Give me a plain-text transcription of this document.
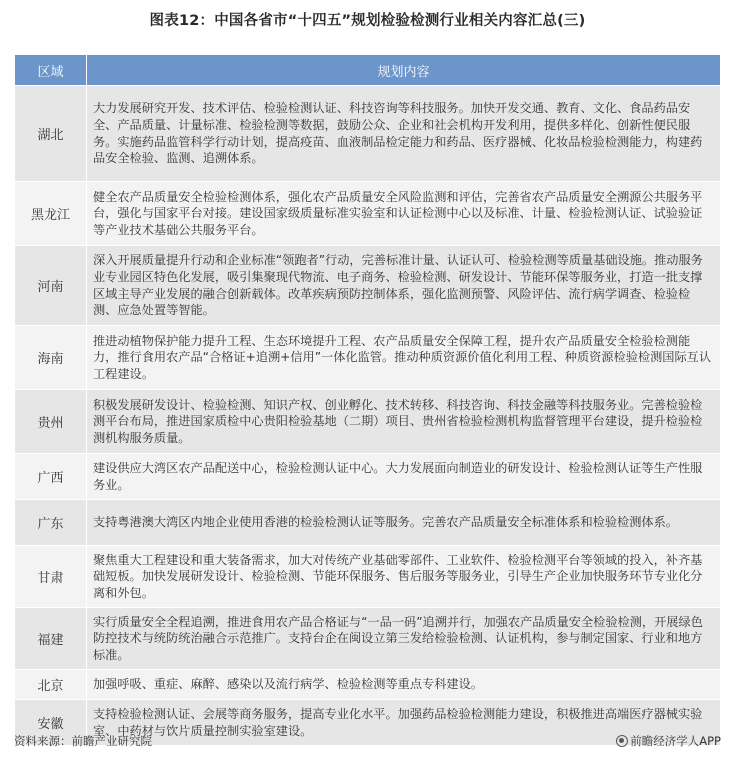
图表12：中国各省市“十四五”规划检验检测行业相关内容汇总(三)
区域	规划内容
湖北	大力发展研究开发、技术评估、检验检测认证、科技咨询等科技服务。加快开发交通、教育、文化、食品药品安全、产品质量、计量标准、检验检测等数据，鼓励公众、企业和社会机构开发利用，提供多样化、创新性便民服务。实施药品监管科学行动计划，提高疫苗、血液制品检定能力和药品、医疗器械、化妆品检验检测能力，构建药品安全检验、监测、追溯体系。
黑龙江	健全农产品质量安全检验检测体系，强化农产品质量安全风险监测和评估，完善省农产品质量安全溯源公共服务平台，强化与国家平台对接。建设国家级质量标准实验室和认证检测中心以及标准、计量、检验检测认证、试验验证等产业技术基础公共服务平台。
河南	深入开展质量提升行动和企业标准“领跑者”行动，完善标准计量、认证认可、检验检测等质量基础设施。推动服务业专业园区特色化发展，吸引集聚现代物流、电子商务、检验检测、研发设计、节能环保等服务业，打造一批支撑区域主导产业发展的融合创新载体。改革疾病预防控制体系，强化监测预警、风险评估、流行病学调查、检验检测、应急处置等智能。
海南	推进动植物保护能力提升工程、生态环境提升工程、农产品质量安全保障工程，提升农产品质量安全检验检测能力，推行食用农产品“合格证+追溯+信用”一体化监管。推动种质资源价值化利用工程、种质资源检验检测国际互认工程建设。
贵州	积极发展研发设计、检验检测、知识产权、创业孵化、技术转移、科技咨询、科技金融等科技服务业。完善检验检测平台布局，推进国家质检中心贵阳检验基地（二期）项目、贵州省检验检测机构监督管理平台建设，提升检验检测机构服务质量。
广西	建设供应大湾区农产品配送中心，检验检测认证中心。大力发展面向制造业的研发设计、检验检测认证等生产性服务业。
广东	支持粤港澳大湾区内地企业使用香港的检验检测认证等服务。完善农产品质量安全标准体系和检验检测体系。
甘肃	聚焦重大工程建设和重大装备需求，加大对传统产业基础零部件、工业软件、检验检测平台等领域的投入，补齐基础短板。加快发展研发设计、检验检测、节能环保服务、售后服务等服务业，引导生产企业加快服务环节专业化分离和外包。
福建	实行质量安全全程追溯，推进食用农产品合格证与“一品一码”追溯并行，加强农产品质量安全检验检测，开展绿色防控技术与统防统治融合示范推广。支持台企在闽设立第三发给检验检测、认证机构，参与制定国家、行业和地方标准。
北京	加强呼吸、重症、麻醉、感染以及流行病学、检验检测等重点专科建设。
安徽	支持检验检测认证、会展等商务服务，提高专业化水平。加强药品检验检测能力建设，积极推进高端医疗器械实验室、中药材与饮片质量控制实验室建设。
资料来源：前瞻产业研究院	前瞻经济学人APP
